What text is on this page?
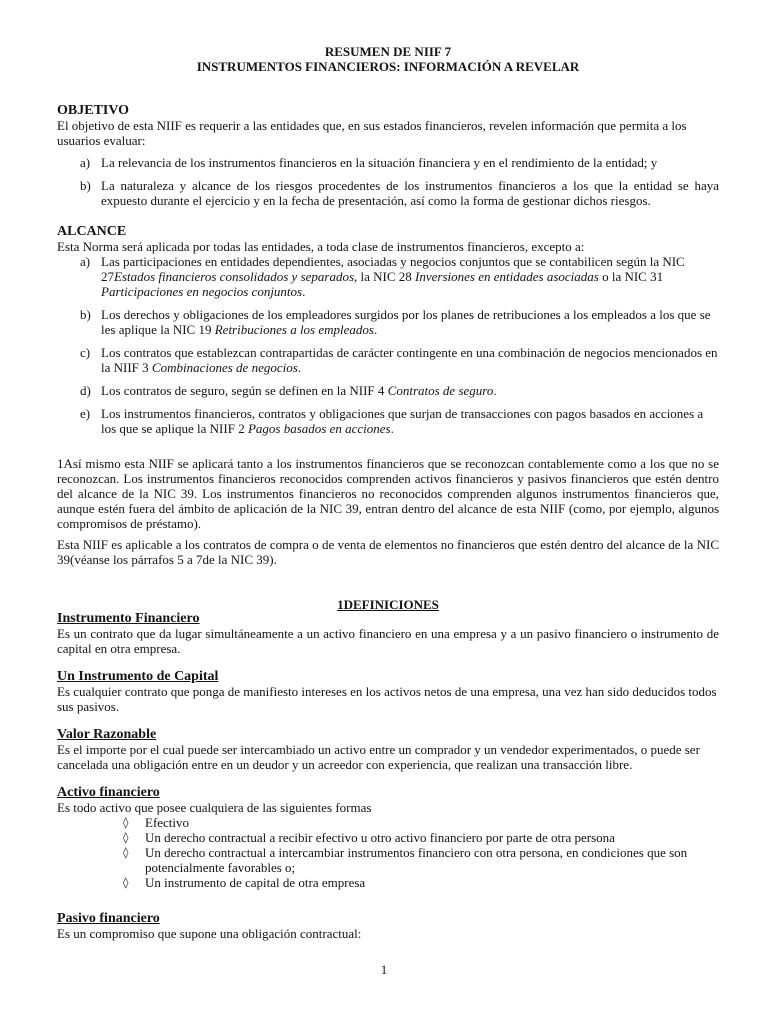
RESUMEN DE NIIF 7

INSTRUMENTOS FINANCIEROS: INFORMACIÓN A REVELAR

OBJETIVO

El objetivo de esta NIIF es requerir a las entidades que, en sus estados financieros, revelen información que permita a los usuarios evaluar:

a) La relevancia de los instrumentos financieros en la situación financiera y en el rendimiento de la entidad; y
b) La naturaleza y alcance de los riesgos procedentes de los instrumentos financieros a los que la entidad se haya expuesto durante el ejercicio y en la fecha de presentación, así como la forma de gestionar dichos riesgos.

ALCANCE

Esta Norma será aplicada por todas las entidades, a toda clase de instrumentos financieros, excepto a:

a) Las participaciones en entidades dependientes, asociadas y negocios conjuntos que se contabilicen según la NIC 27Estados financieros consolidados y separados, la NIC 28 Inversiones en entidades asociadas o la NIC 31 Participaciones en negocios conjuntos.
b) Los derechos y obligaciones de los empleadores surgidos por los planes de retribuciones a los empleados a los que se les aplique la NIC 19 Retribuciones a los empleados.
c) Los contratos que establezcan contrapartidas de carácter contingente en una combinación de negocios mencionados en la NIIF 3 Combinaciones de negocios.
d) Los contratos de seguro, según se definen en la NIIF 4 Contratos de seguro.
e) Los instrumentos financieros, contratos y obligaciones que surjan de transacciones con pagos basados en acciones a los que se aplique la NIIF 2 Pagos basados en acciones.

1Así mismo esta NIIF se aplicará tanto a los instrumentos financieros que se reconozcan contablemente como a los que no se reconozcan. Los instrumentos financieros reconocidos comprenden activos financieros y pasivos financieros que estén dentro del alcance de la NIC 39. Los instrumentos financieros no reconocidos comprenden algunos instrumentos financieros que, aunque estén fuera del ámbito de aplicación de la NIC 39, entran dentro del alcance de esta NIIF (como, por ejemplo, algunos compromisos de préstamo).

Esta NIIF es aplicable a los contratos de compra o de venta de elementos no financieros que estén dentro del alcance de la NIC 39(véanse los párrafos 5 a 7de la NIC 39).

1DEFINICIONES

Instrumento Financiero

Es un contrato que da lugar simultáneamente a un activo financiero en una empresa y a un pasivo financiero o instrumento de capital en otra empresa.

Un Instrumento de Capital

Es cualquier contrato que ponga de manifiesto intereses en los activos netos de una empresa, una vez han sido deducidos todos sus pasivos.

Valor Razonable

Es el importe por el cual puede ser intercambiado un activo entre un comprador y un vendedor experimentados, o puede ser cancelada una obligación entre en un deudor y un acreedor con experiencia, que realizan una transacción libre.

Activo financiero

Es todo activo que posee cualquiera de las siguientes formas

◊ Efectivo
◊ Un derecho contractual a recibir efectivo u otro activo financiero por parte de otra persona
◊ Un derecho contractual a intercambiar instrumentos financiero con otra persona, en condiciones que son potencialmente favorables o;
◊ Un instrumento de capital de otra empresa

Pasivo financiero

Es un compromiso que supone una obligación contractual:

1
